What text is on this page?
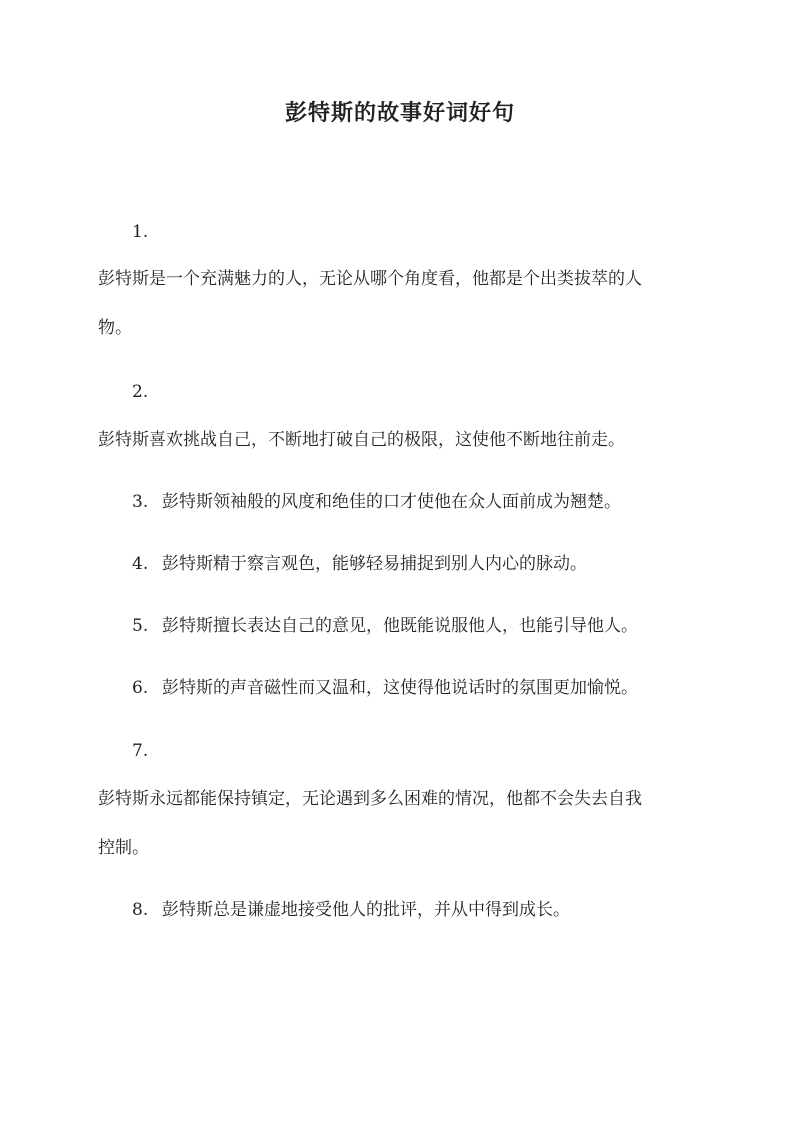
彭特斯的故事好词好句
1.
彭特斯是一个充满魅力的人，无论从哪个角度看，他都是个出类拔萃的人
物。
2.
彭特斯喜欢挑战自己，不断地打破自己的极限，这使他不断地往前走。
3. 彭特斯领袖般的风度和绝佳的口才使他在众人面前成为翘楚。
4. 彭特斯精于察言观色，能够轻易捕捉到别人内心的脉动。
5. 彭特斯擅长表达自己的意见，他既能说服他人，也能引导他人。
6. 彭特斯的声音磁性而又温和，这使得他说话时的氛围更加愉悦。
7.
彭特斯永远都能保持镇定，无论遇到多么困难的情况，他都不会失去自我
控制。
8. 彭特斯总是谦虚地接受他人的批评，并从中得到成长。
